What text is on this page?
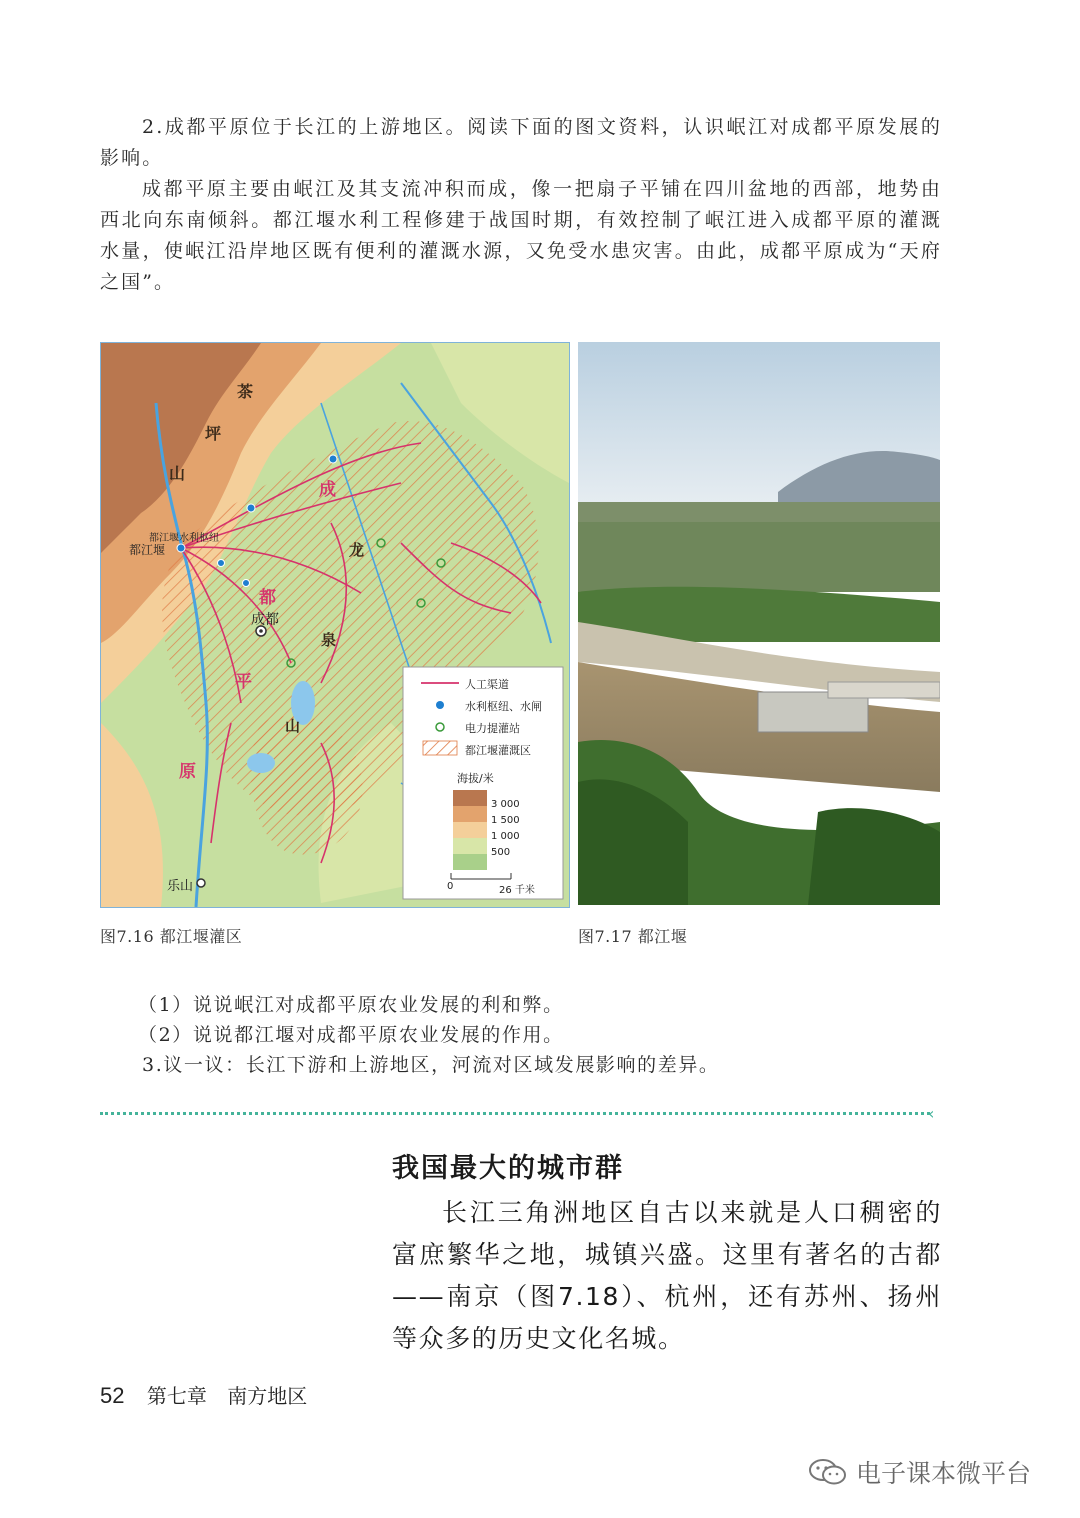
2.成都平原位于长江的上游地区。阅读下面的图文资料，认识岷江对成都平原发展的影响。

成都平原主要由岷江及其支流冲积而成，像一把扇子平铺在四川盆地的西部，地势由西北向东南倾斜。都江堰水利工程修建于战国时期，有效控制了岷江进入成都平原的灌溉水量，使岷江沿岸地区既有便利的灌溉水源，又免受水患灾害。由此，成都平原成为“天府之国”。

茶
坪
山
成
都
平
原
龙
泉
山
都江堰水利枢纽
都江堰
成都
乐山
人工渠道
水利枢纽、水闸
电力提灌站
都江堰灌溉区
海拔/米
3 000
1 500
1 000
500
0	26 千米
图7.16 都江堰灌区	图7.17 都江堰
（1）说说岷江对成都平原农业发展的利和弊。
（2）说说都江堰对成都平原农业发展的作用。
3.议一议：长江下游和上游地区，河流对区域发展影响的差异。
‹
我国最大的城市群

长江三角洲地区自古以来就是人口稠密的富庶繁华之地，城镇兴盛。这里有著名的古都——南京（图7.18）、杭州，还有苏州、扬州等众多的历史文化名城。

52 第七章 南方地区
电子课本微平台
